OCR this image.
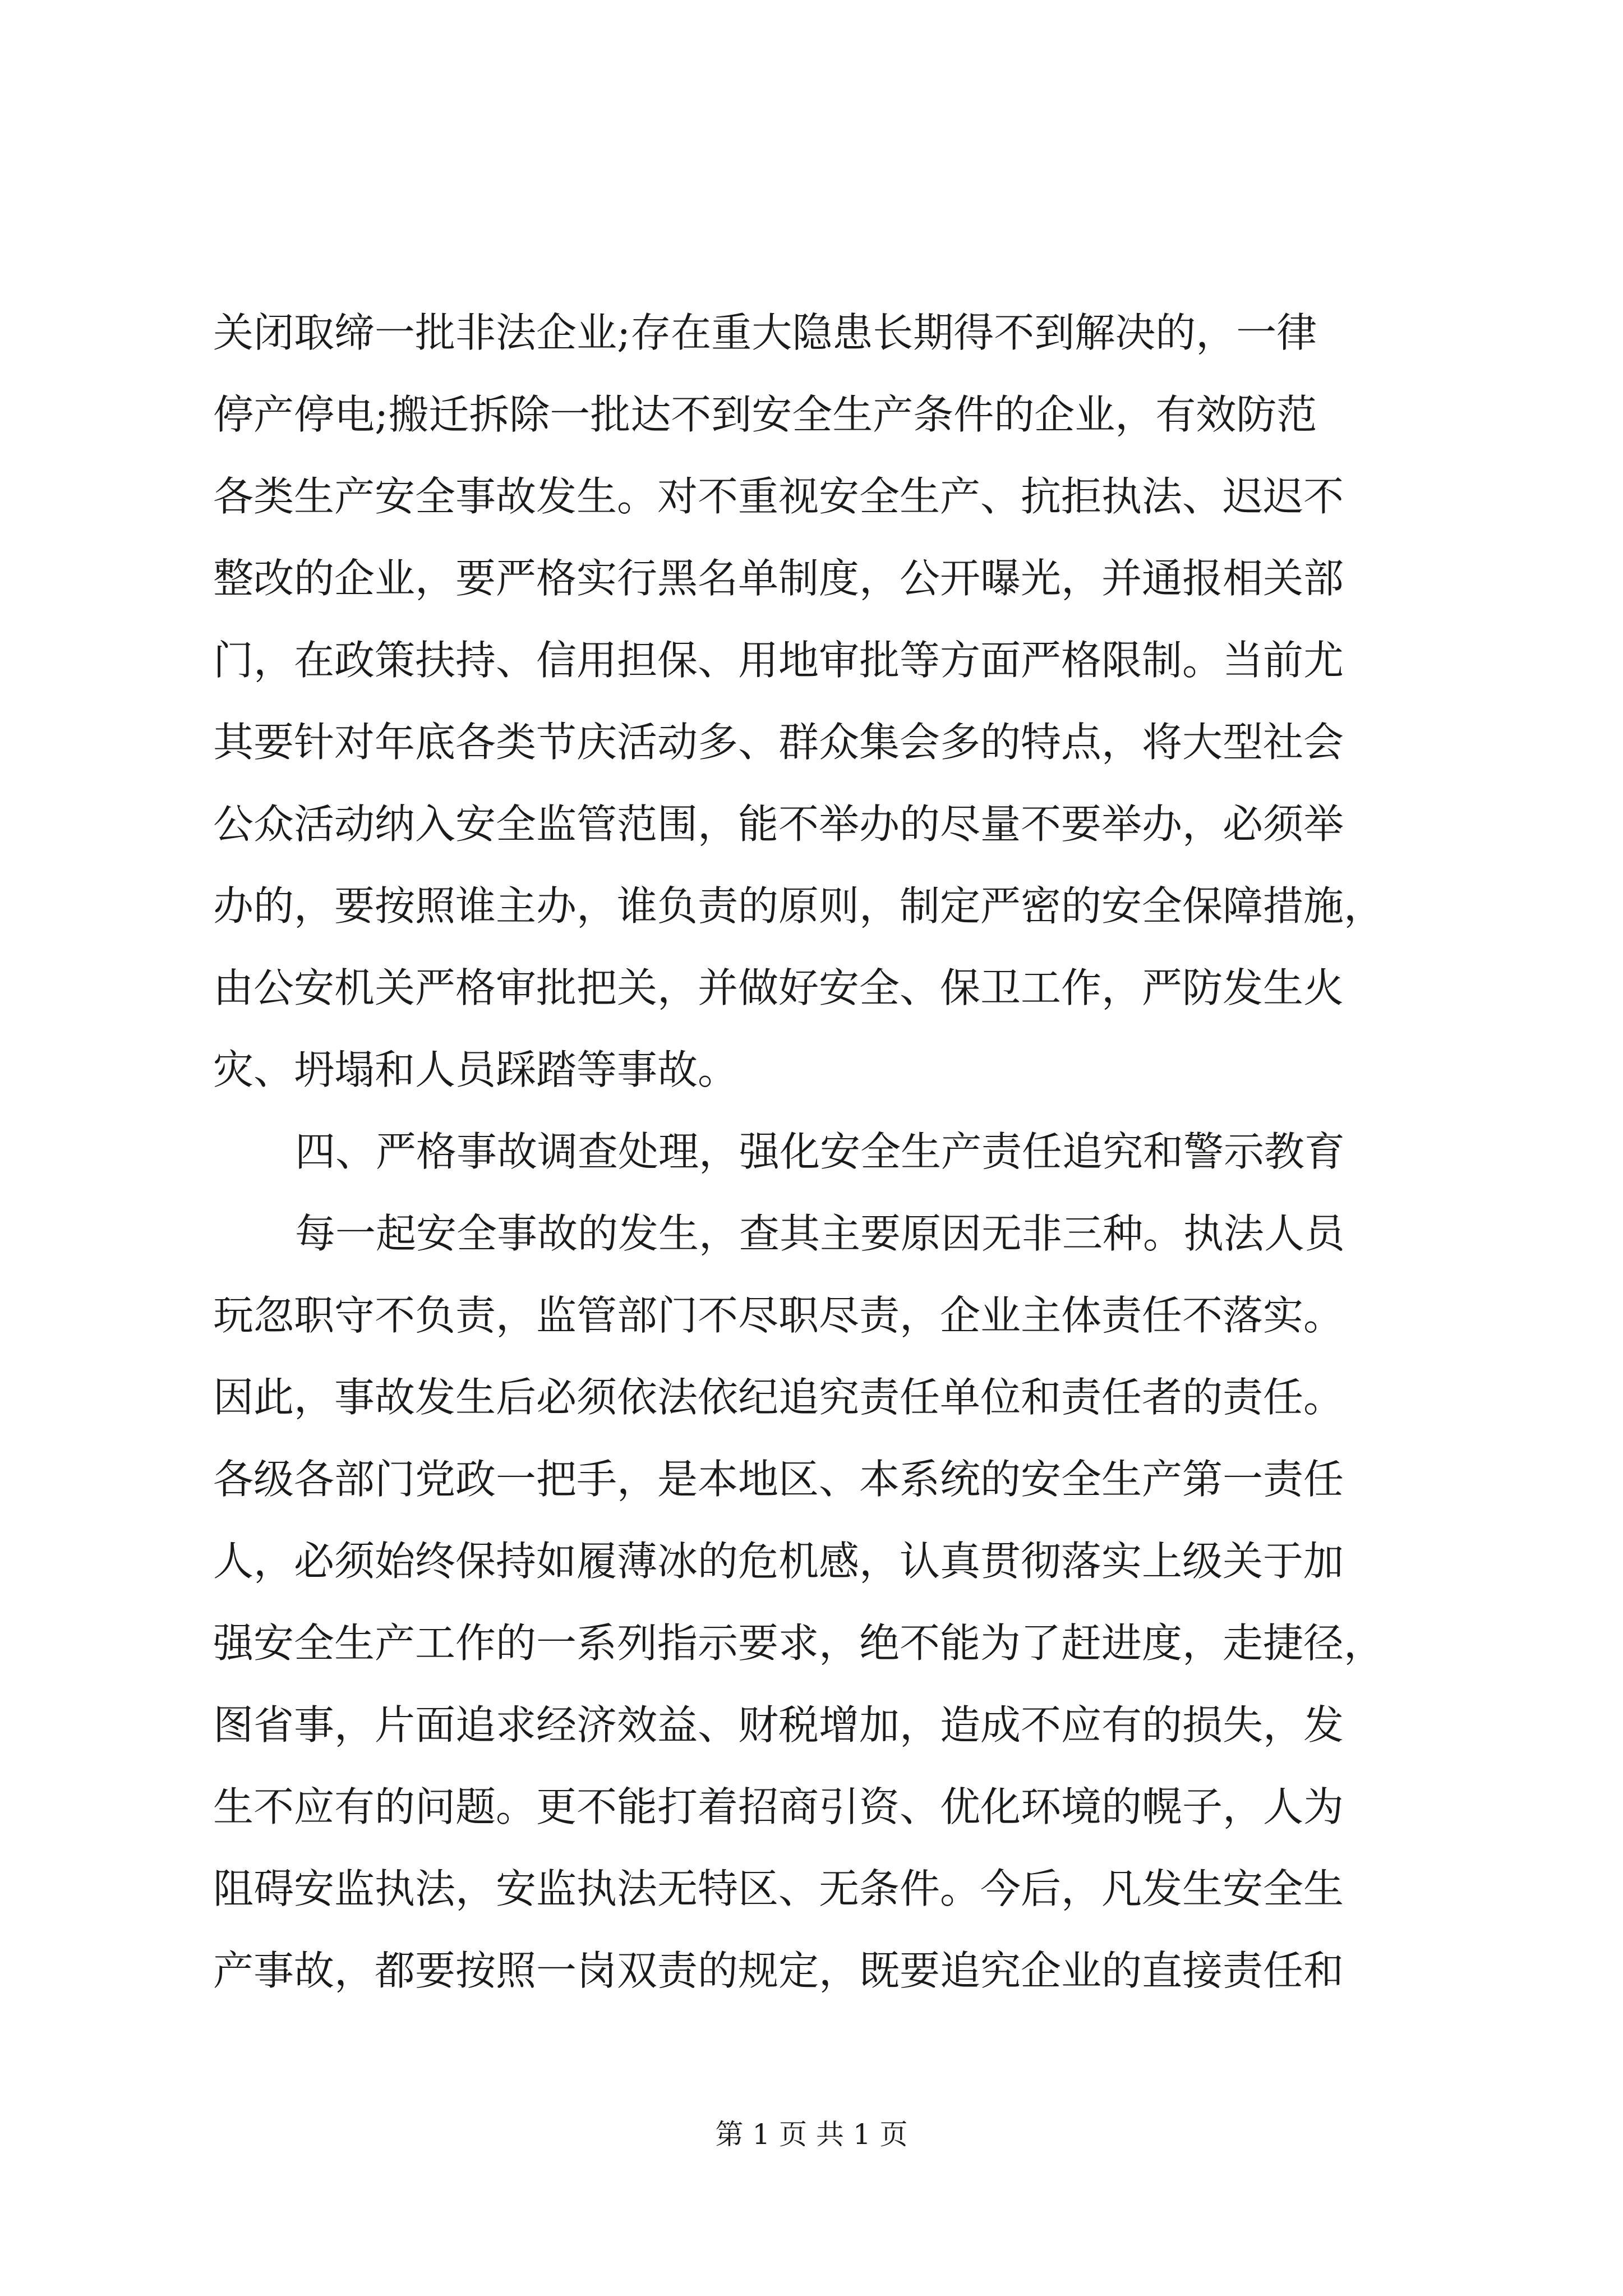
关闭取缔一批非法企业;存在重大隐患长期得不到解决的，一律
停产停电;搬迁拆除一批达不到安全生产条件的企业，有效防范
各类生产安全事故发生。对不重视安全生产、抗拒执法、迟迟不
整改的企业，要严格实行黑名单制度，公开曝光，并通报相关部
门，在政策扶持、信用担保、用地审批等方面严格限制。当前尤
其要针对年底各类节庆活动多、群众集会多的特点，将大型社会
公众活动纳入安全监管范围，能不举办的尽量不要举办，必须举
办的，要按照谁主办，谁负责的原则，制定严密的安全保障措施，
由公安机关严格审批把关，并做好安全、保卫工作，严防发生火
灾、坍塌和人员踩踏等事故。
四、严格事故调查处理，强化安全生产责任追究和警示教育
每一起安全事故的发生，查其主要原因无非三种。执法人员
玩忽职守不负责，监管部门不尽职尽责，企业主体责任不落实。
因此，事故发生后必须依法依纪追究责任单位和责任者的责任。
各级各部门党政一把手，是本地区、本系统的安全生产第一责任
人，必须始终保持如履薄冰的危机感，认真贯彻落实上级关于加
强安全生产工作的一系列指示要求，绝不能为了赶进度，走捷径，
图省事，片面追求经济效益、财税增加，造成不应有的损失，发
生不应有的问题。更不能打着招商引资、优化环境的幌子，人为
阻碍安监执法，安监执法无特区、无条件。今后，凡发生安全生
产事故，都要按照一岗双责的规定，既要追究企业的直接责任和
第 1 页 共 1 页
